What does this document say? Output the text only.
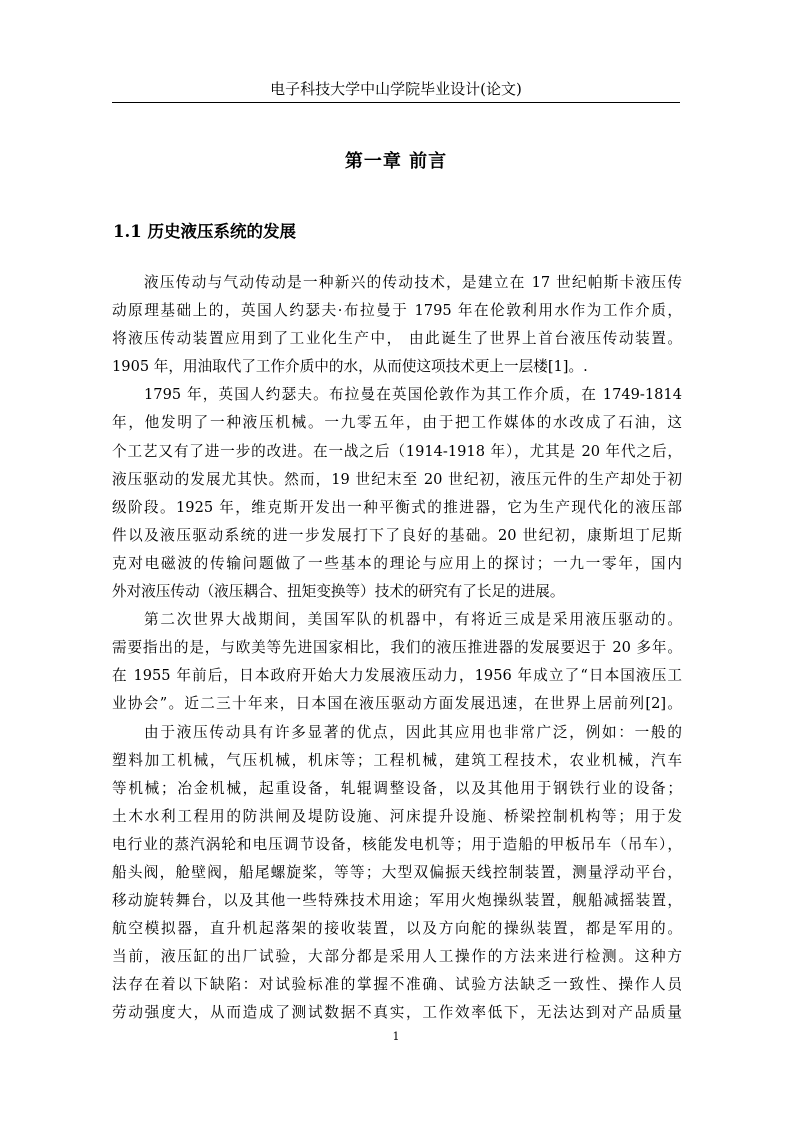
电子科技大学中山学院毕业设计(论文)
第一章 前言
1.1 历史液压系统的发展
液压传动与气动传动是一种新兴的传动技术，是建立在 17 世纪帕斯卡液压传
动原理基础上的，英国人约瑟夫·布拉曼于 1795 年在伦敦利用水作为工作介质，
将液压传动装置应用到了工业化生产中， 由此诞生了世界上首台液压传动装置。
1905 年，用油取代了工作介质中的水，从而使这项技术更上一层楼[1]。.
1795 年，英国人约瑟夫。布拉曼在英国伦敦作为其工作介质，在 1749-1814
年，他发明了一种液压机械。一九零五年，由于把工作媒体的水改成了石油，这
个工艺又有了进一步的改进。在一战之后（1914-1918 年），尤其是 20 年代之后，
液压驱动的发展尤其快。然而，19 世纪末至 20 世纪初，液压元件的生产却处于初
级阶段。1925 年，维克斯开发出一种平衡式的推进器，它为生产现代化的液压部
件以及液压驱动系统的进一步发展打下了良好的基础。20 世纪初，康斯坦丁尼斯
克对电磁波的传输问题做了一些基本的理论与应用上的探讨；一九一零年，国内
外对液压传动（液压耦合、扭矩变换等）技术的研究有了长足的进展。
第二次世界大战期间，美国军队的机器中，有将近三成是采用液压驱动的。
需要指出的是，与欧美等先进国家相比，我们的液压推进器的发展要迟于 20 多年。
在 1955 年前后，日本政府开始大力发展液压动力，1956 年成立了“日本国液压工
业协会”。近二三十年来，日本国在液压驱动方面发展迅速，在世界上居前列[2]。
由于液压传动具有许多显著的优点，因此其应用也非常广泛，例如：一般的
塑料加工机械，气压机械，机床等；工程机械，建筑工程技术，农业机械，汽车
等机械；冶金机械，起重设备，轧辊调整设备，以及其他用于钢铁行业的设备；
土木水利工程用的防洪闸及堤防设施、河床提升设施、桥梁控制机构等；用于发
电行业的蒸汽涡轮和电压调节设备，核能发电机等；用于造船的甲板吊车（吊车），
船头阀，舱壁阀，船尾螺旋桨，等等；大型双偏振天线控制装置，测量浮动平台，
移动旋转舞台，以及其他一些特殊技术用途；军用火炮操纵装置，舰船减摇装置，
航空模拟器，直升机起落架的接收装置，以及方向舵的操纵装置，都是军用的。
当前，液压缸的出厂试验，大部分都是采用人工操作的方法来进行检测。这种方
法存在着以下缺陷：对试验标准的掌握不准确、试验方法缺乏一致性、操作人员
劳动强度大，从而造成了测试数据不真实，工作效率低下，无法达到对产品质量
1
